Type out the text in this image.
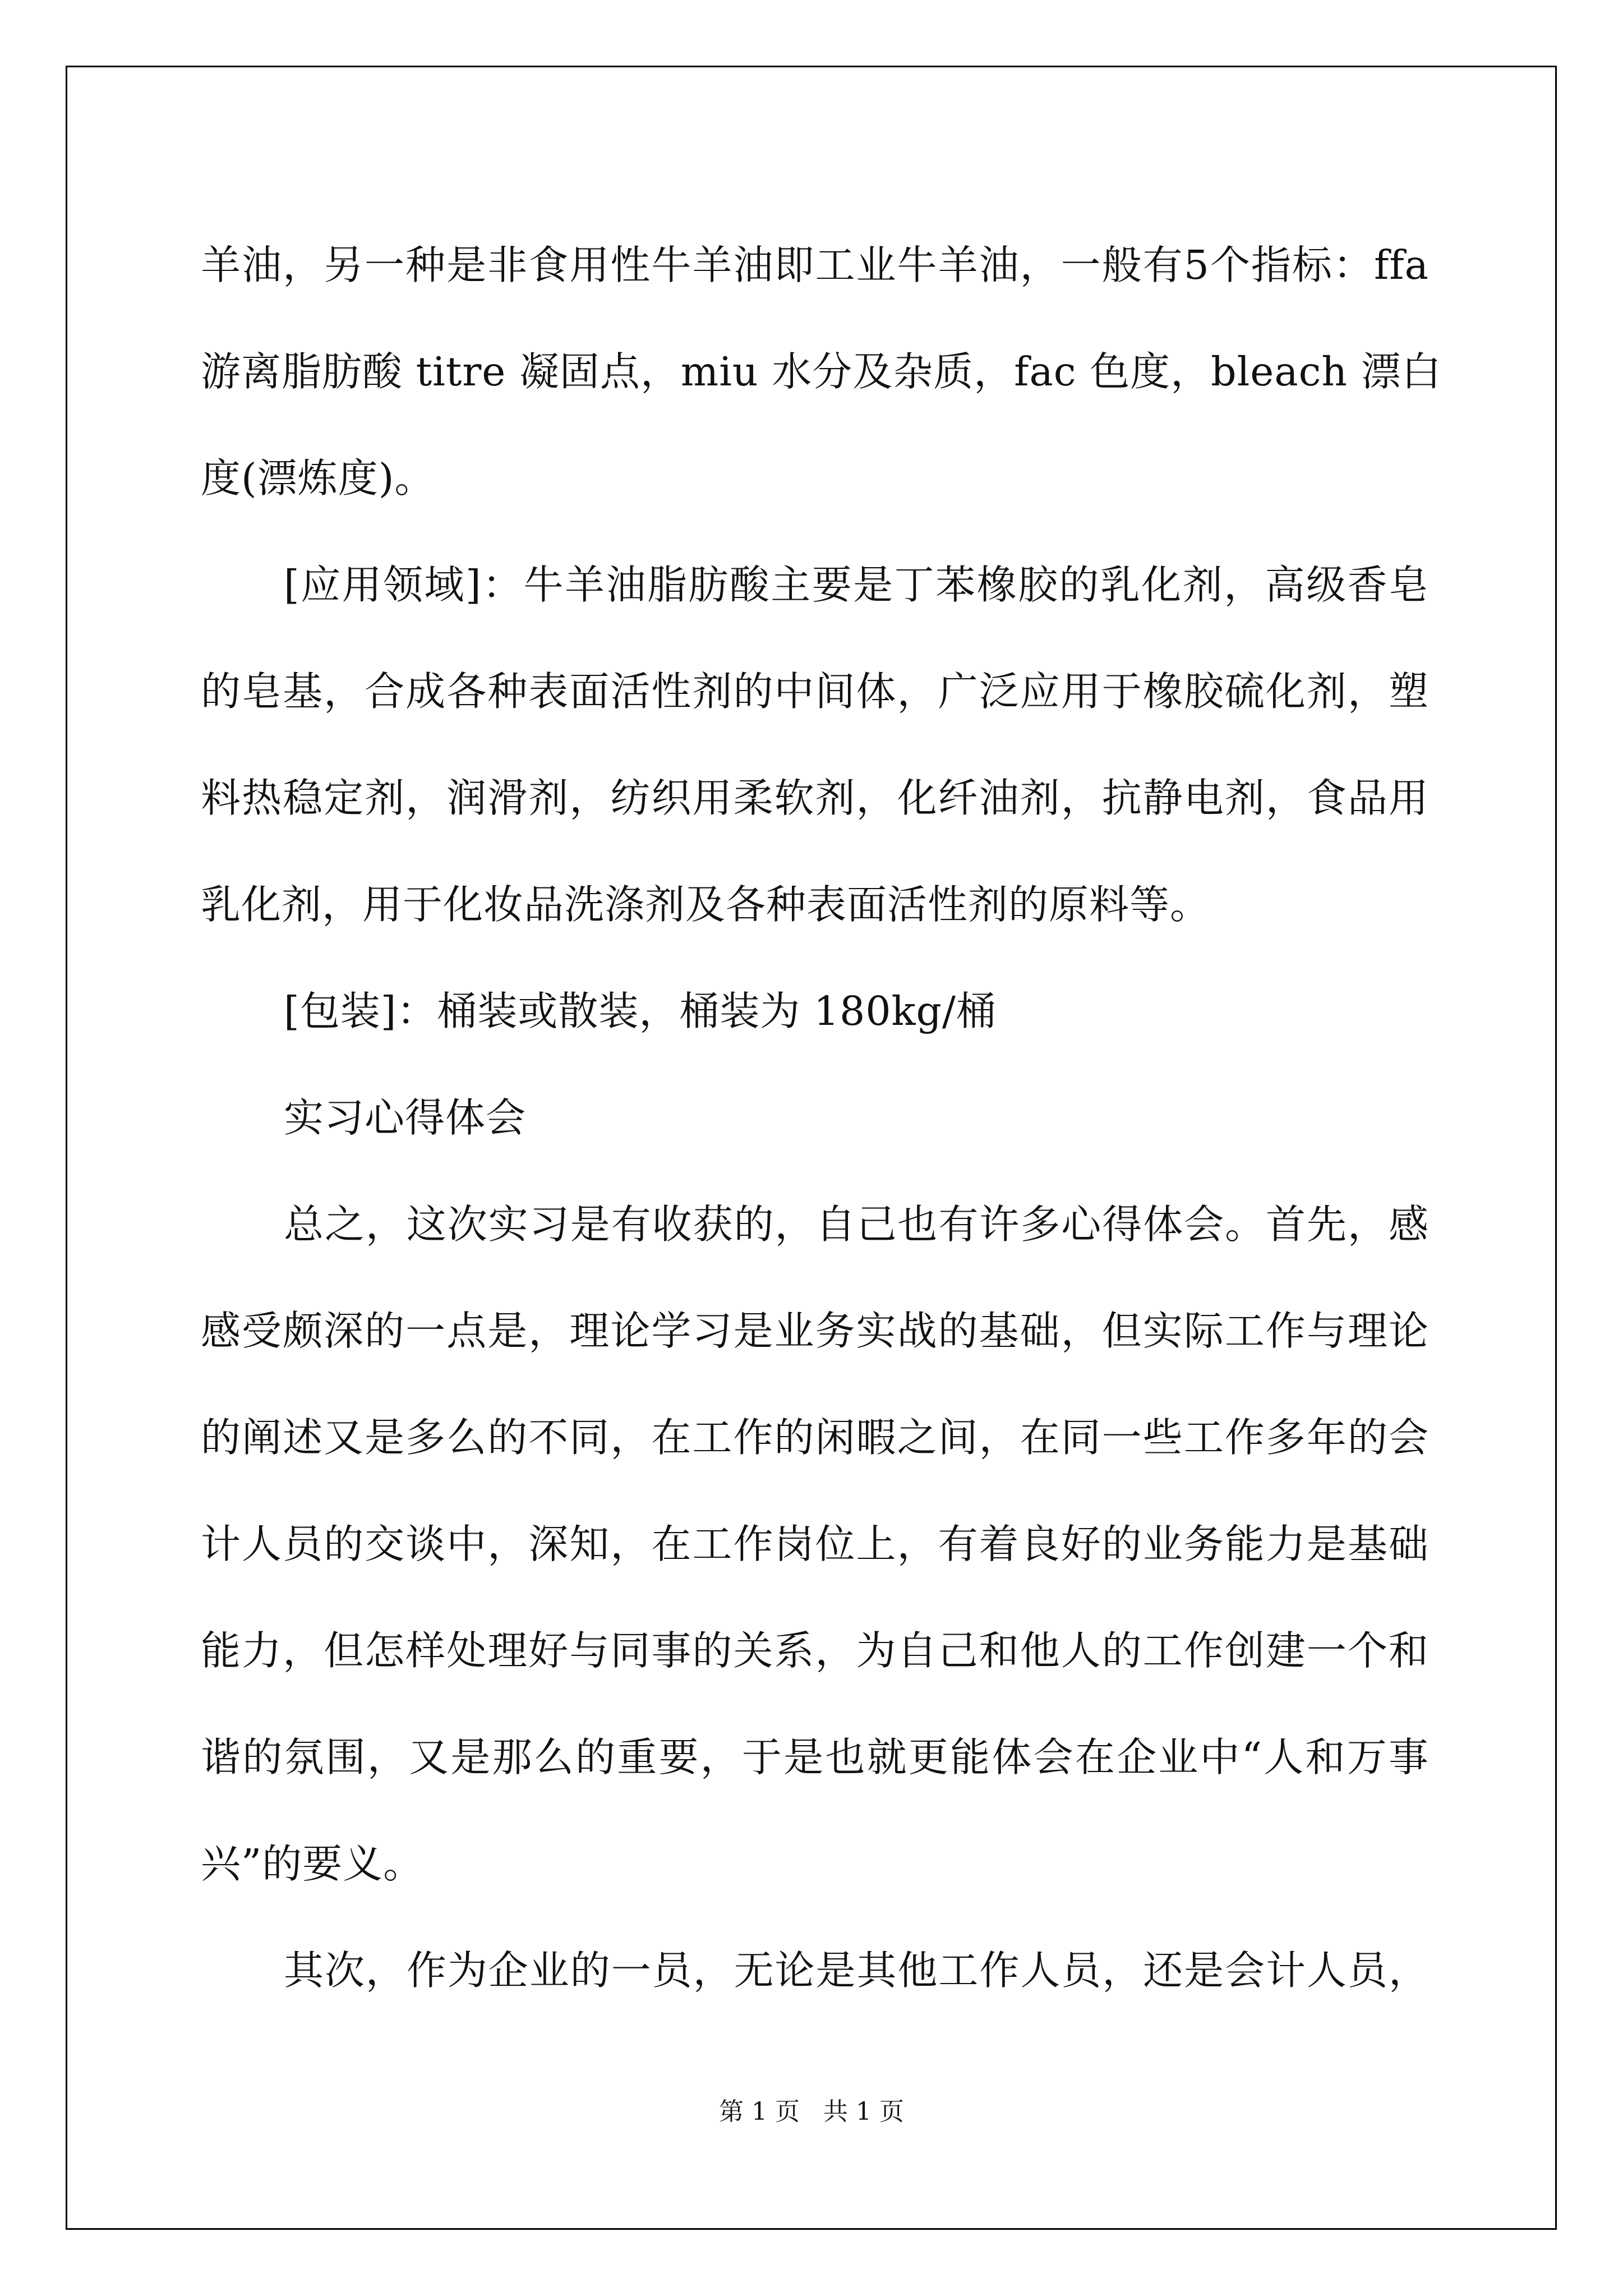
羊油，另一种是非食用性牛羊油即工业牛羊油，一般有5个指标：ffa
游离脂肪酸 titre 凝固点，miu 水分及杂质，fac 色度，bleach 漂白
度(漂炼度)。
[应用领域]：牛羊油脂肪酸主要是丁苯橡胶的乳化剂，高级香皂
的皂基，合成各种表面活性剂的中间体，广泛应用于橡胶硫化剂，塑
料热稳定剂，润滑剂，纺织用柔软剂，化纤油剂，抗静电剂，食品用
乳化剂，用于化妆品洗涤剂及各种表面活性剂的原料等。
[包装]：桶装或散装，桶装为 180kg/桶
实习心得体会
总之，这次实习是有收获的，自己也有许多心得体会。首先，感
感受颇深的一点是，理论学习是业务实战的基础，但实际工作与理论
的阐述又是多么的不同，在工作的闲暇之间，在同一些工作多年的会
计人员的交谈中，深知，在工作岗位上，有着良好的业务能力是基础
能力，但怎样处理好与同事的关系，为自己和他人的工作创建一个和
谐的氛围，又是那么的重要，于是也就更能体会在企业中“人和万事
兴”的要义。
其次，作为企业的一员，无论是其他工作人员，还是会计人员，
第 1 页   共 1 页
